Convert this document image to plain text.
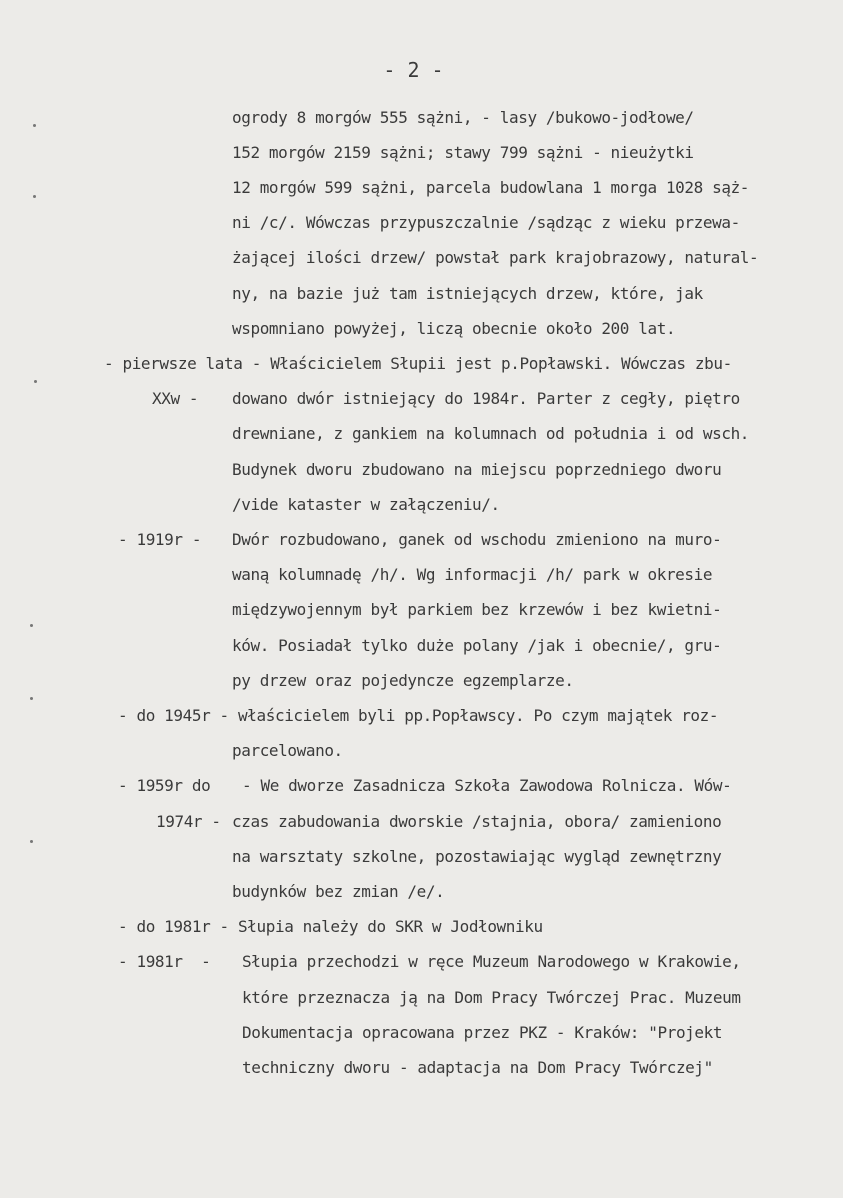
- 2 -
ogrody 8 morgów 555 sążni, - lasy /bukowo-jodłowe/
152 morgów 2159 sążni; stawy 799 sążni - nieużytki
12 morgów 599 sążni, parcela budowlana 1 morga 1028 sąż-
ni /c/. Wówczas przypuszczalnie /sądząc z wieku przewa-
żającej ilości drzew/ powstał park krajobrazowy, natural-
ny, na bazie już tam istniejących drzew, które, jak
wspomniano powyżej, liczą obecnie około 200 lat.
- pierwsze lata - Właścicielem Słupii jest p.Popławski. Wówczas zbu-
XXw - dowano dwór istniejący do 1984r. Parter z cegły, piętro
drewniane, z gankiem na kolumnach od południa i od wsch.
Budynek dworu zbudowano na miejscu poprzedniego dworu
/vide kataster w załączeniu/.
- 1919r - Dwór rozbudowano, ganek od wschodu zmieniono na muro-
waną kolumnadę /h/. Wg informacji /h/ park w okresie
międzywojennym był parkiem bez krzewów i bez kwietni-
ków. Posiadał tylko duże polany /jak i obecnie/, gru-
py drzew oraz pojedyncze egzemplarze.
- do 1945r - właścicielem byli pp.Popławscy. Po czym majątek roz-
parcelowano.
- 1959r do - We dworze Zasadnicza Szkoła Zawodowa Rolnicza. Wów-
1974r - czas zabudowania dworskie /stajnia, obora/ zamieniono
na warsztaty szkolne, pozostawiając wygląd zewnętrzny
budynków bez zmian /e/.
- do 1981r - Słupia należy do SKR w Jodłowniku
- 1981r  - Słupia przechodzi w ręce Muzeum Narodowego w Krakowie,
które przeznacza ją na Dom Pracy Twórczej Prac. Muzeum
Dokumentacja opracowana przez PKZ - Kraków: "Projekt
techniczny dworu - adaptacja na Dom Pracy Twórczej"
